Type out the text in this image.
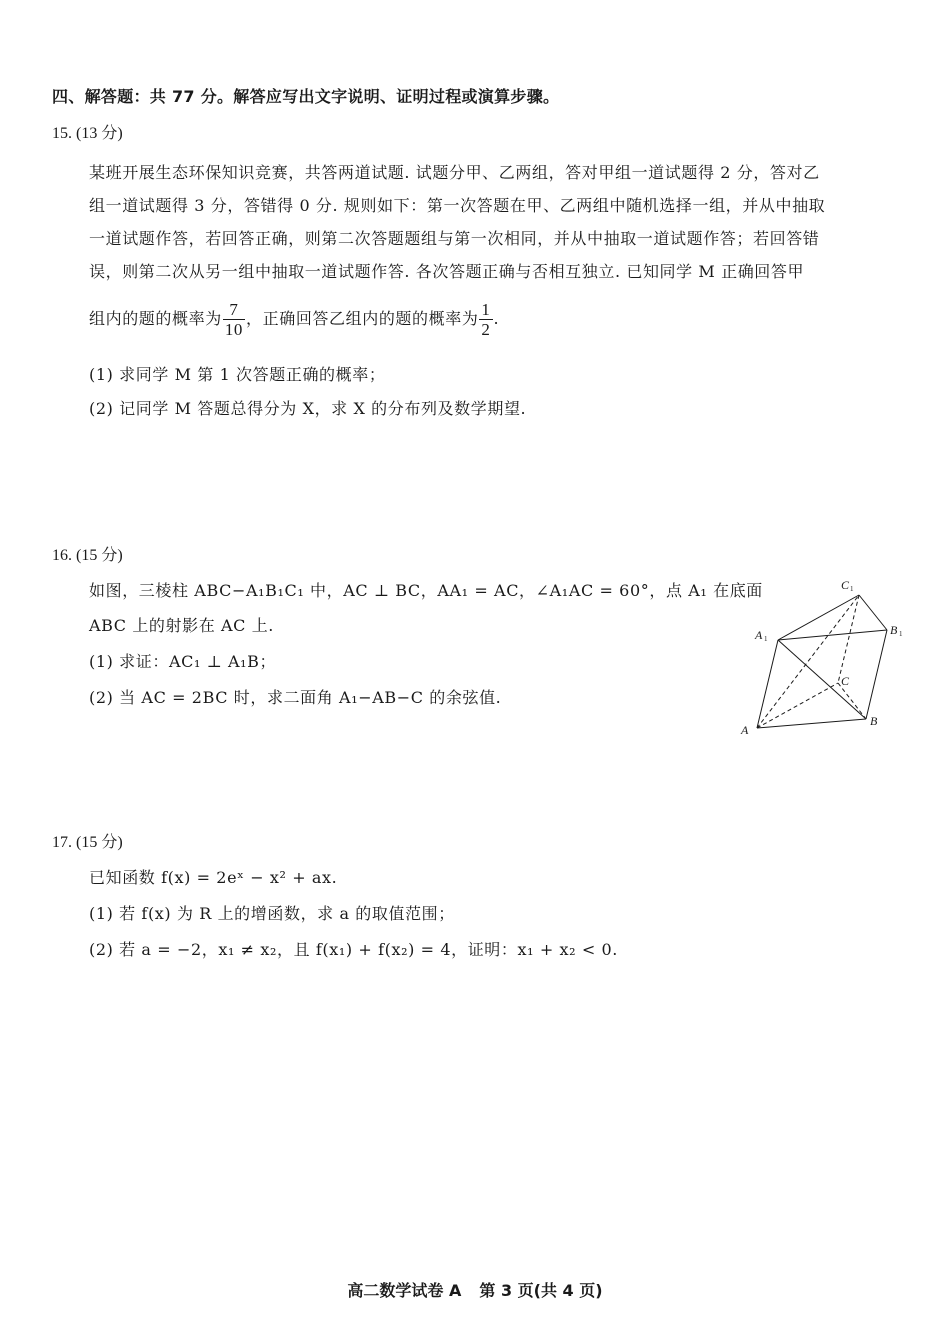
四、解答题：共 77 分。解答应写出文字说明、证明过程或演算步骤。
15. (13 分)
某班开展生态环保知识竞赛，共答两道试题. 试题分甲、乙两组，答对甲组一道试题得 2 分，答对乙
组一道试题得 3 分，答错得 0 分. 规则如下：第一次答题在甲、乙两组中随机选择一组，并从中抽取
一道试题作答，若回答正确，则第二次答题题组与第一次相同，并从中抽取一道试题作答；若回答错
误，则第二次从另一组中抽取一道试题作答. 各次答题正确与否相互独立. 已知同学 M 正确回答甲
组内的题的概率为 $\frac{7}{10}$ ，正确回答乙组内的题的概率为 $\frac{1}{2}$ .
(1) 求同学 M 第 1 次答题正确的概率；
(2) 记同学 M 答题总得分为 X，求 X 的分布列及数学期望.
16. (15 分)
如图，三棱柱 ABC−A₁B₁C₁ 中，AC ⊥ BC，AA₁ = AC，∠A₁AC = 60°，点 A₁ 在底面
ABC 上的射影在 AC 上.
(1) 求证：AC₁ ⊥ A₁B；
(2) 当 AC = 2BC 时，求二面角 A₁−AB−C 的余弦值.
C 1
A 1
B 1
C
A
B
17. (15 分)
已知函数 f(x) = 2eˣ − x² + ax.
(1) 若 f(x) 为 R 上的增函数，求 a 的取值范围；
(2) 若 a = −2，x₁ ≠ x₂，且 f(x₁) + f(x₂) = 4，证明：x₁ + x₂ < 0.
高二数学试卷 A 第 3 页(共 4 页)
